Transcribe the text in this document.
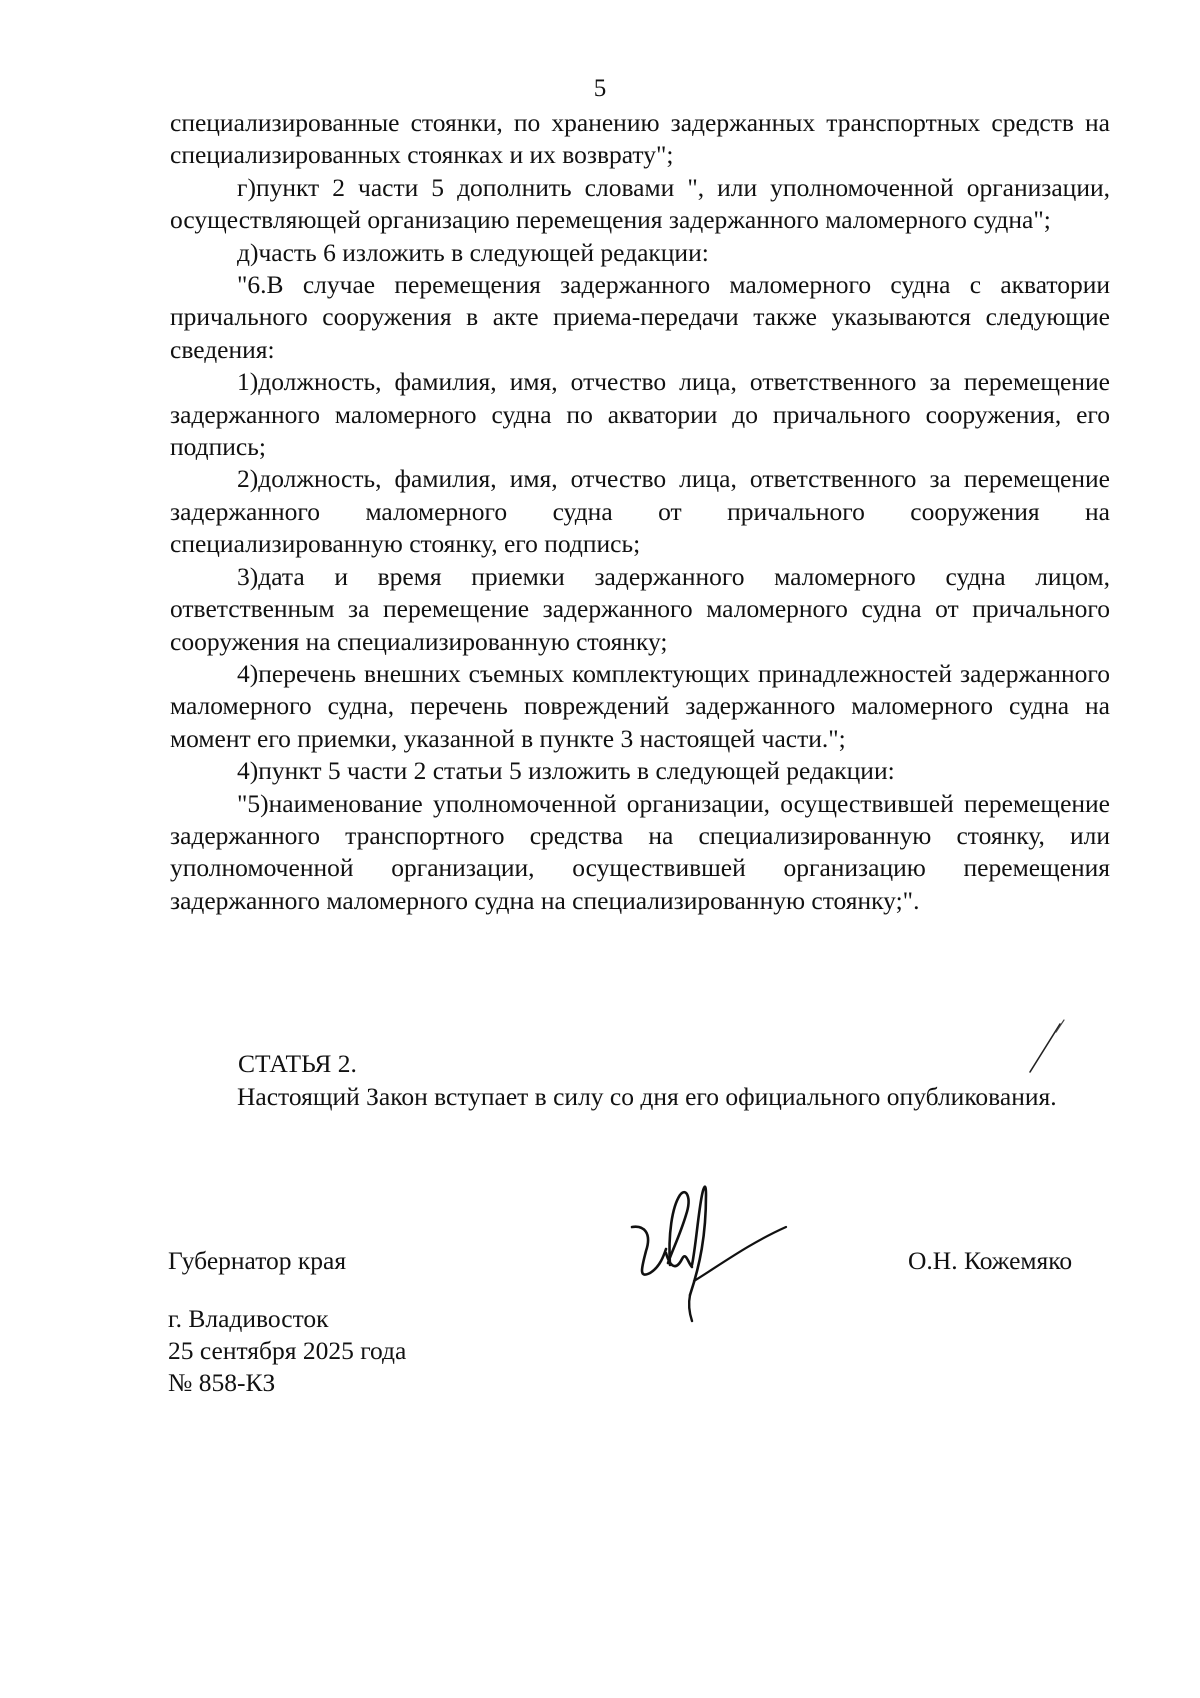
5

специализированные стоянки, по хранению задержанных транспортных средств на специализированных стоянках и их возврату";

г)пункт 2 части 5 дополнить словами ", или уполномоченной организации, осуществляющей организацию перемещения задержанного маломерного судна";

д)часть 6 изложить в следующей редакции:

"6.В случае перемещения задержанного маломерного судна с акватории причального сооружения в акте приема-передачи также указываются следующие сведения:

1)должность, фамилия, имя, отчество лица, ответственного за перемещение задержанного маломерного судна по акватории до причального сооружения, его подпись;

2)должность, фамилия, имя, отчество лица, ответственного за перемещение задержанного маломерного судна от причального сооружения на специализированную стоянку, его подпись;

3)дата и время приемки задержанного маломерного судна лицом, ответственным за перемещение задержанного маломерного судна от причального сооружения на специализированную стоянку;

4)перечень внешних съемных комплектующих принадлежностей задержанного маломерного судна, перечень повреждений задержанного маломерного судна на момент его приемки, указанной в пункте 3 настоящей части.";

4)пункт 5 части 2 статьи 5 изложить в следующей редакции:

"5)наименование уполномоченной организации, осуществившей перемещение задержанного транспортного средства на специализированную стоянку, или уполномоченной организации, осуществившей организацию перемещения задержанного маломерного судна на специализированную стоянку;".

СТАТЬЯ 2.

Настоящий Закон вступает в силу со дня его официального опубликования.

Губернатор края	О.Н. Кожемяко
г. Владивосток
25 сентября 2025 года
№ 858-КЗ
